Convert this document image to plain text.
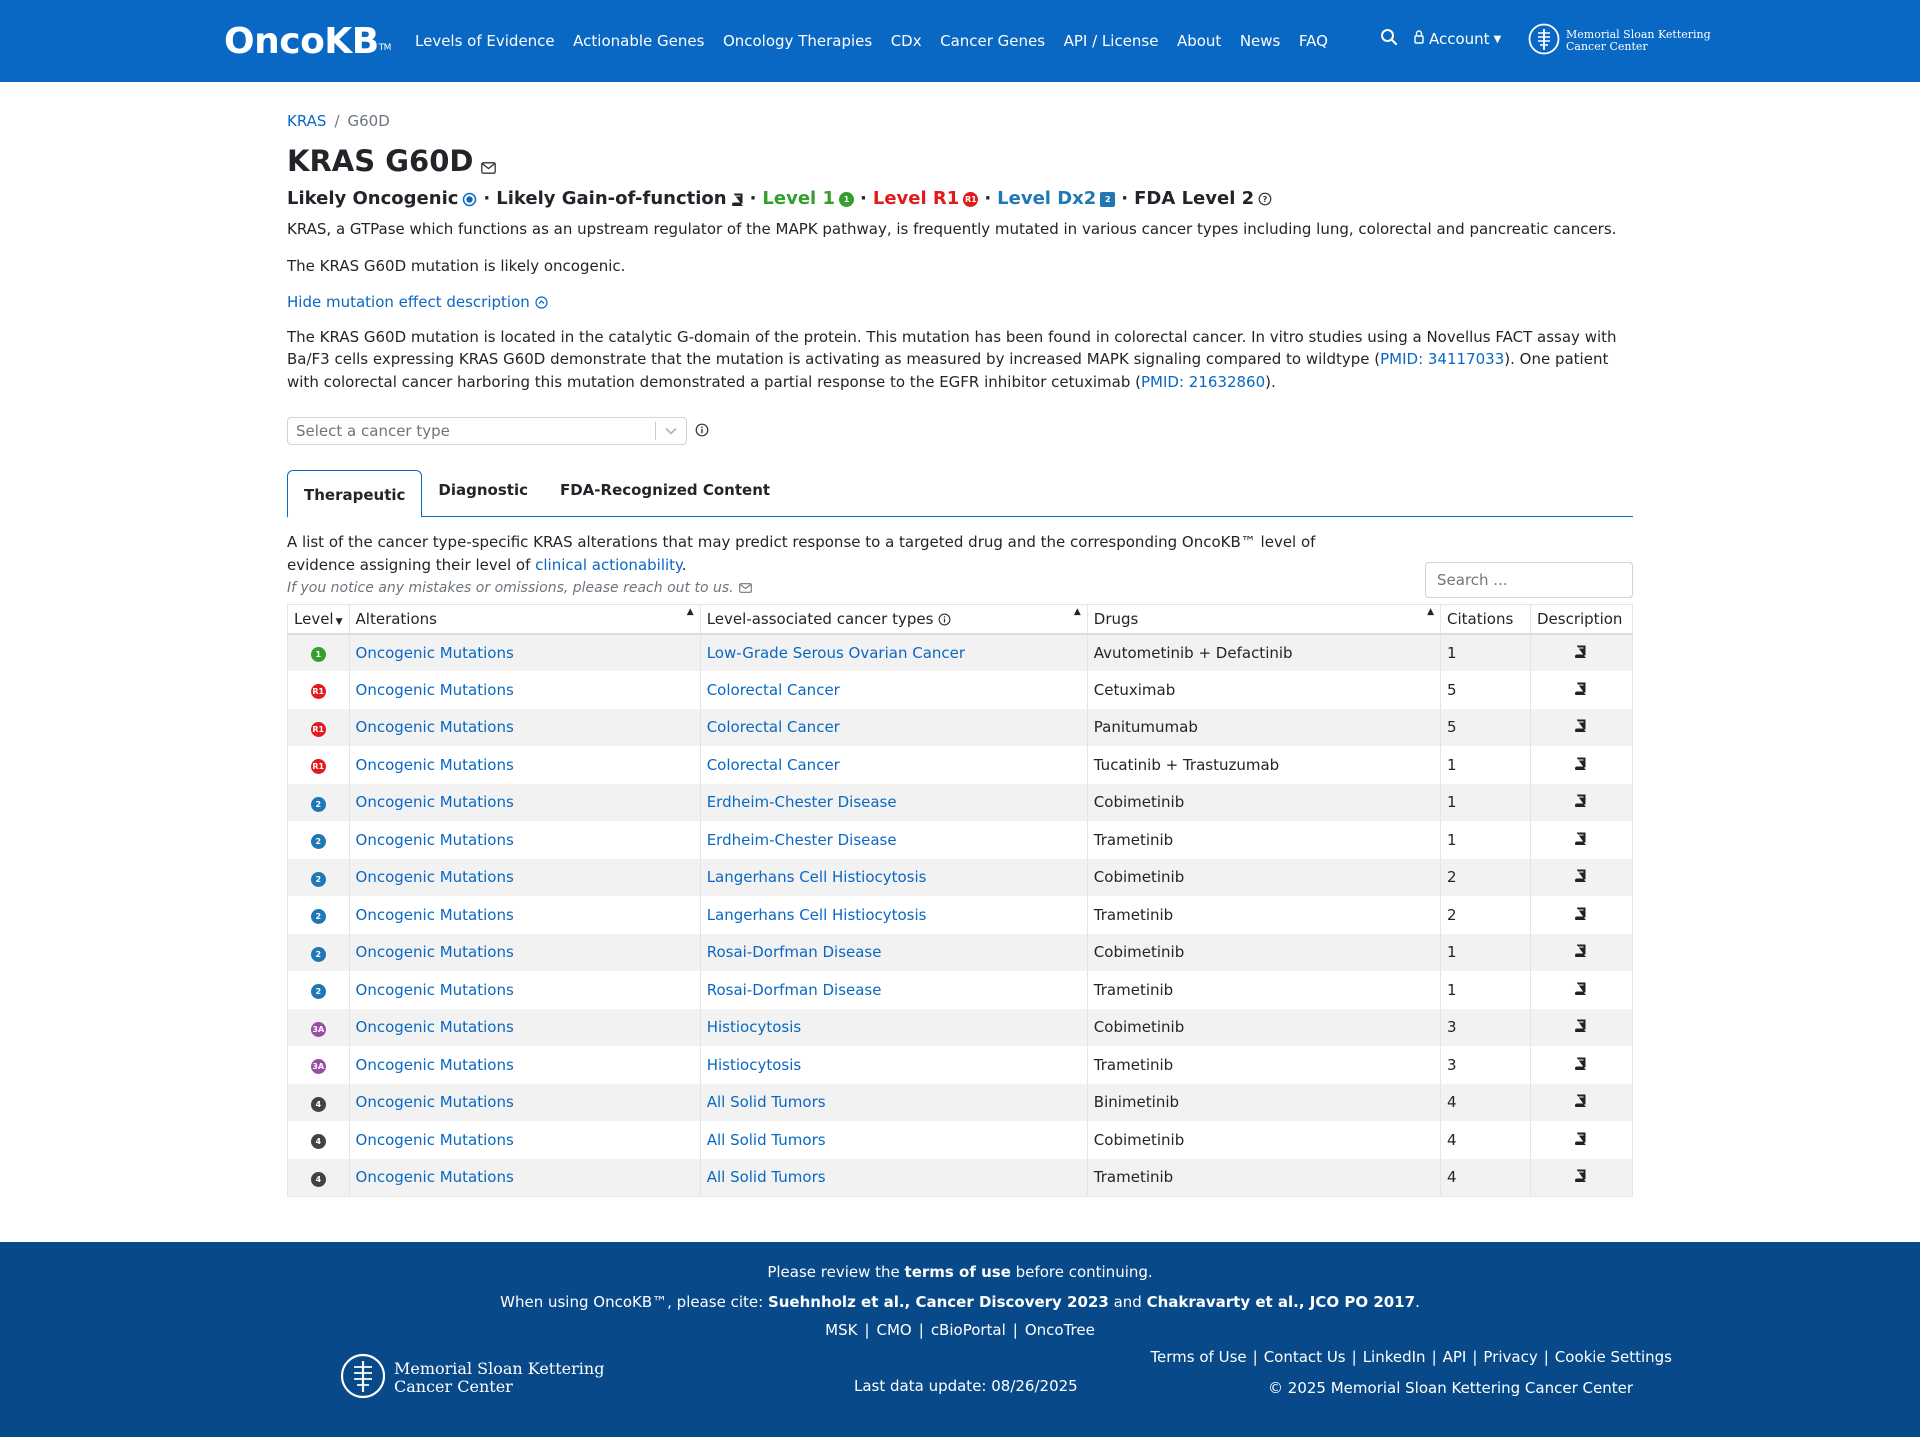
OncoKB™ Levels of Evidence Actionable Genes Oncology Therapies CDx Cancer Genes API / License About News FAQ	Account ▼	Memorial Sloan Kettering
Cancer Center
KRAS / G60D
KRAS G60D
Likely Oncogenic · Likely Gain-of-function · Level 1	1 · Level R1 R1 · Level Dx2	2 · FDA Level 2 ?

KRAS, a GTPase which functions as an upstream regulator of the MAPK pathway, is frequently mutated in various cancer types including lung, colorectal and pancreatic cancers.

The KRAS G60D mutation is likely oncogenic.

Hide mutation effect description

The KRAS G60D mutation is located in the catalytic G-domain of the protein. This mutation has been found in colorectal cancer. In vitro studies using a Novellus FACT assay with Ba/F3 cells expressing KRAS G60D demonstrate that the mutation is activating as measured by increased MAPK signaling compared to wildtype (PMID: 34117033). One patient with colorectal cancer harboring this mutation demonstrated a partial response to the EGFR inhibitor cetuximab (PMID: 21632860).

Select a cancer type
Therapeutic	Diagnostic	FDA-Recognized Content
A list of the cancer type-specific KRAS alterations that may predict response to a targeted drug and the corresponding OncoKB™ level of evidence assigning their level of clinical actionability.
If you notice any mistakes or omissions, please reach out to us.
Search ...
Level ▼	Alterations ▲	Level-associated cancer types ▲	Drugs ▲	Citations	Description
1	Oncogenic Mutations	Low-Grade Serous Ovarian Cancer	Avutometinib + Defactinib	1	

R1	Oncogenic Mutations	Colorectal Cancer	Cetuximab	5	

R1	Oncogenic Mutations	Colorectal Cancer	Panitumumab	5	

R1	Oncogenic Mutations	Colorectal Cancer	Tucatinib + Trastuzumab	1	

2	Oncogenic Mutations	Erdheim-Chester Disease	Cobimetinib	1	

2	Oncogenic Mutations	Erdheim-Chester Disease	Trametinib	1	

2	Oncogenic Mutations	Langerhans Cell Histiocytosis	Cobimetinib	2	

2	Oncogenic Mutations	Langerhans Cell Histiocytosis	Trametinib	2	

2	Oncogenic Mutations	Rosai-Dorfman Disease	Cobimetinib	1	

2	Oncogenic Mutations	Rosai-Dorfman Disease	Trametinib	1	

3A	Oncogenic Mutations	Histiocytosis	Cobimetinib	3	

3A	Oncogenic Mutations	Histiocytosis	Trametinib	3	

4	Oncogenic Mutations	All Solid Tumors	Binimetinib	4	

4	Oncogenic Mutations	All Solid Tumors	Cobimetinib	4	

4	Oncogenic Mutations	All Solid Tumors	Trametinib	4	
Please review the terms of use before continuing.
When using OncoKB™, please cite: Suehnholz et al., Cancer Discovery 2023 and Chakravarty et al., JCO PO 2017.
MSK | CMO | cBioPortal | OncoTree
Memorial Sloan Kettering
Cancer Center	Last data update: 08/26/2025
Terms of Use | Contact Us | LinkedIn | API | Privacy | Cookie Settings
© 2025 Memorial Sloan Kettering Cancer Center
